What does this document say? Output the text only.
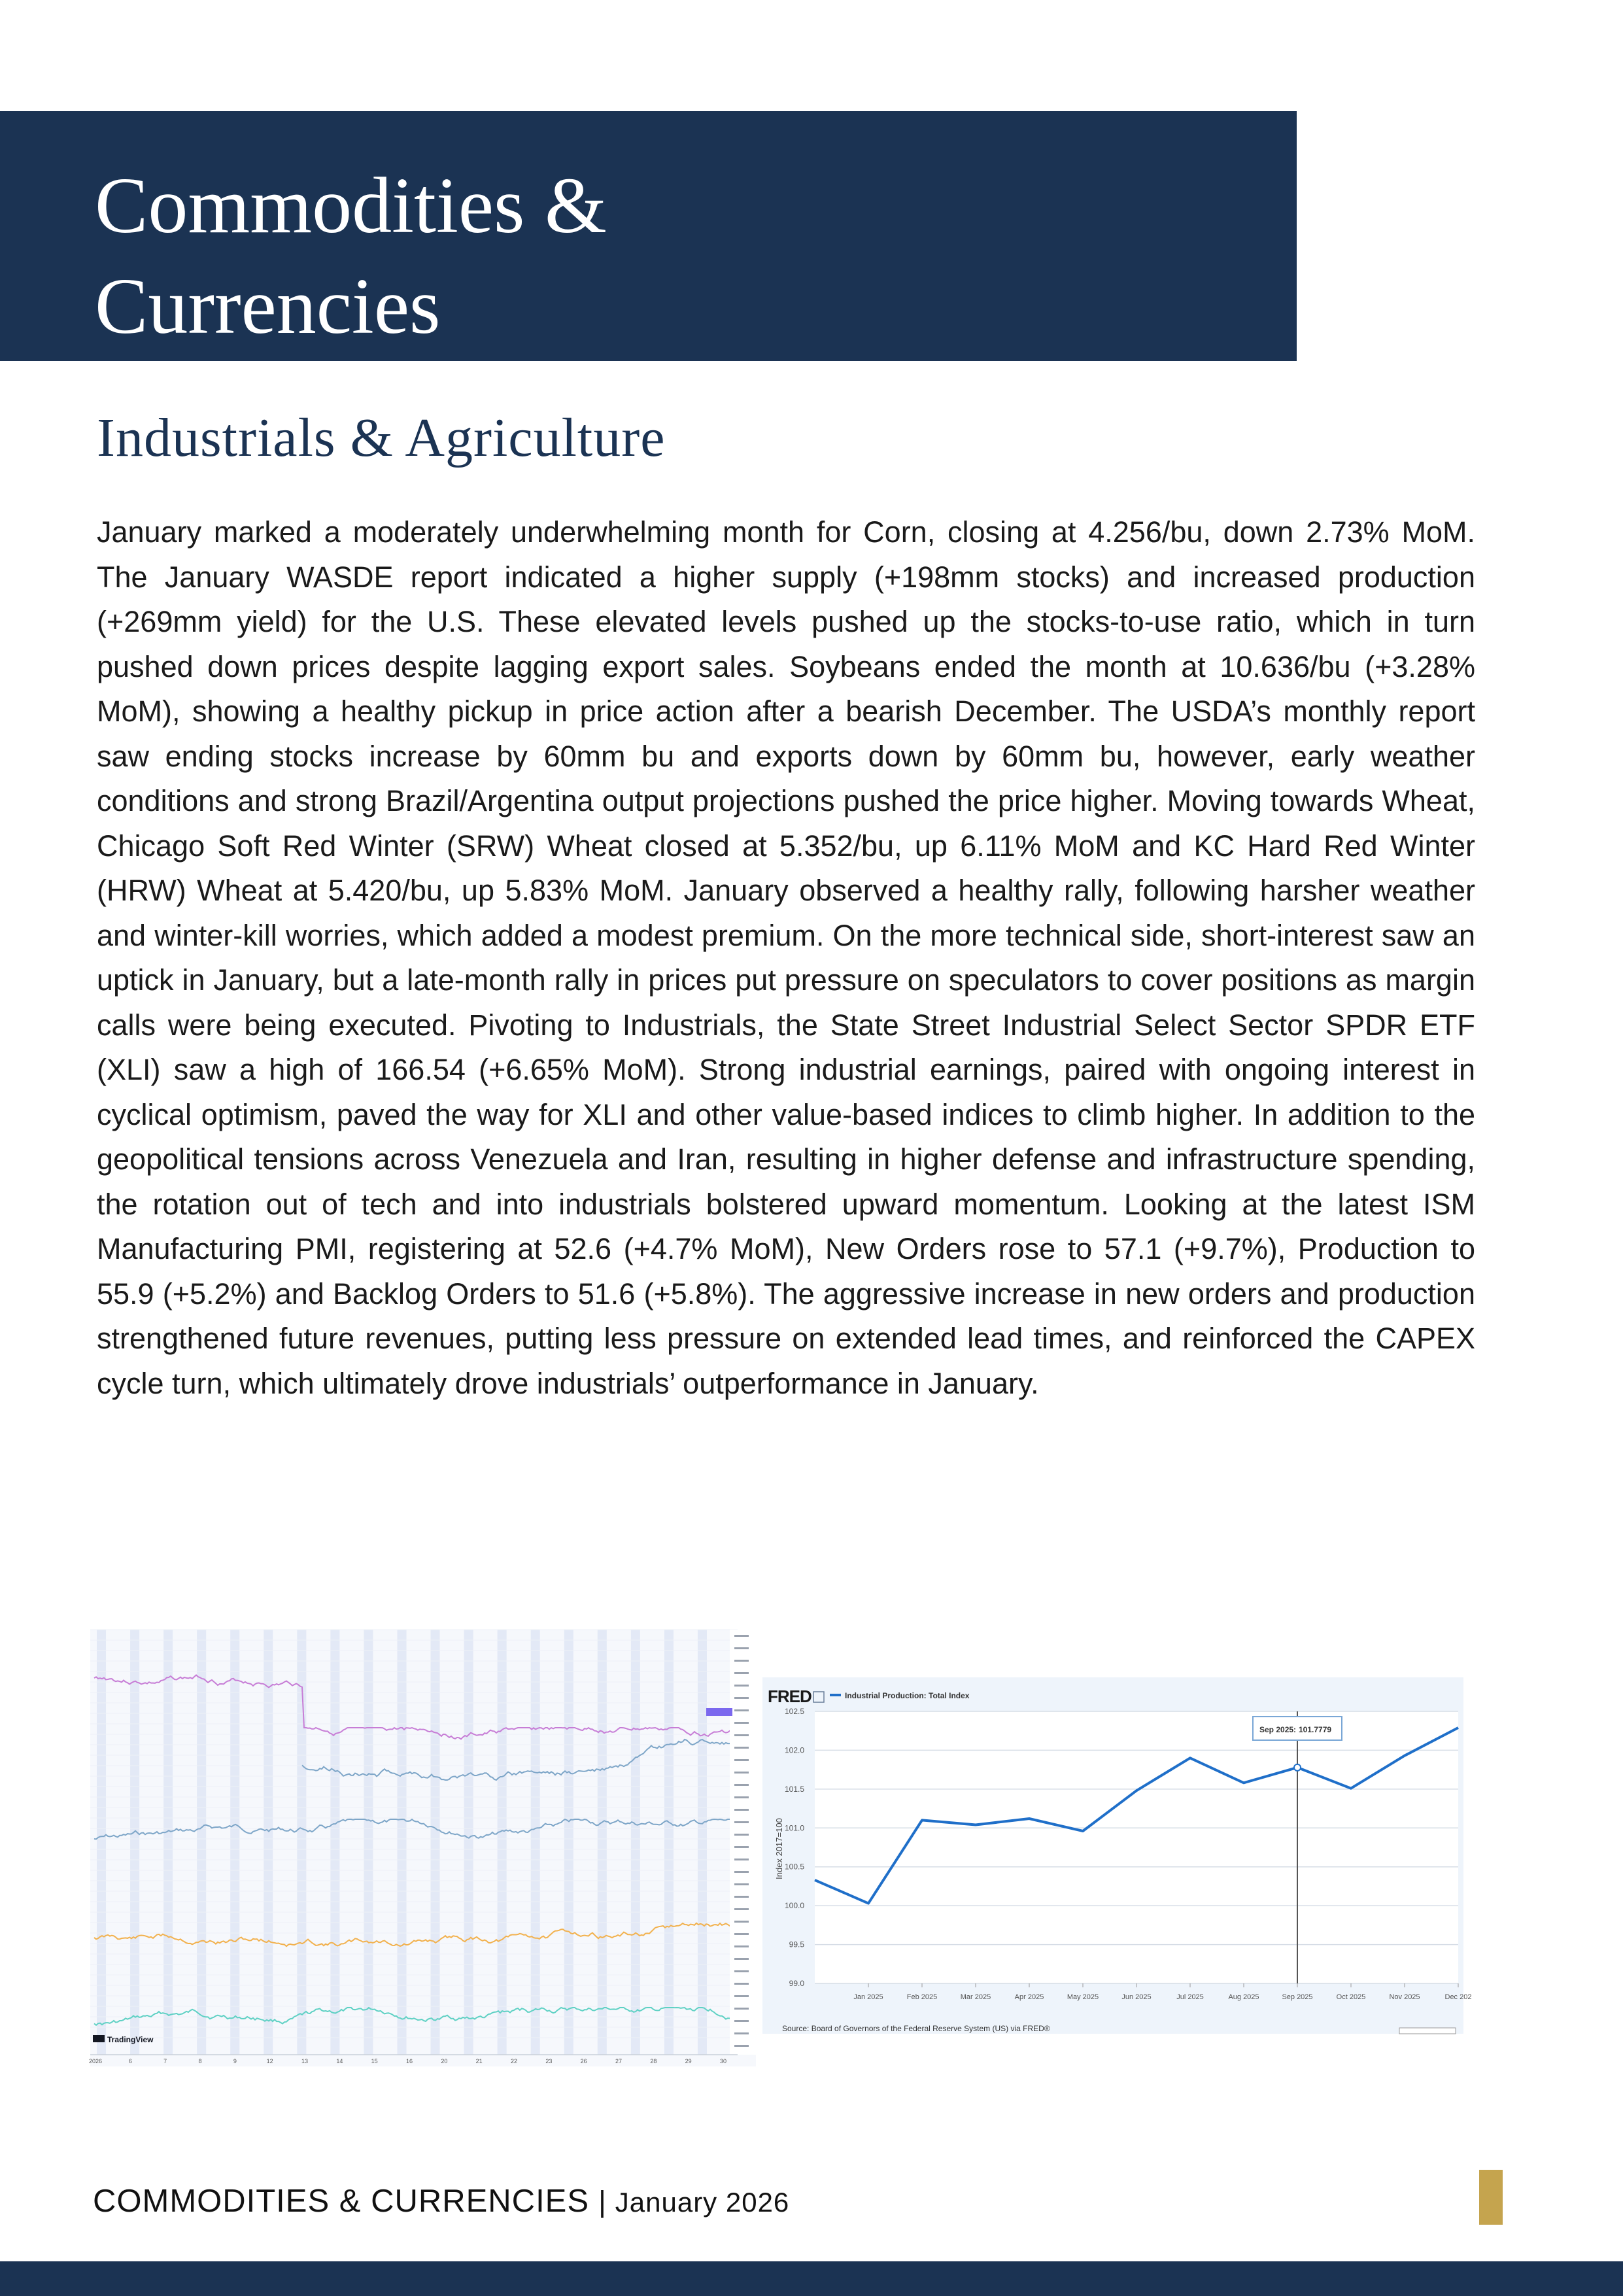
Commodities &
Currencies
Industrials & Agriculture

January marked a moderately underwhelming month for Corn, closing at 4.256/bu, down 2.73% MoM. The January WASDE report indicated a higher supply (+198mm stocks) and increased production (+269mm yield) for the U.S. These elevated levels pushed up the stocks-to-use ratio, which in turn pushed down prices despite lagging export sales. Soybeans ended the month at 10.636/bu (+3.28% MoM), showing a healthy pickup in price action after a bearish December. The USDA’s monthly report saw ending stocks increase by 60mm bu and exports down by 60mm bu, however, early weather conditions and strong Brazil/Argentina output projections pushed the price higher. Moving towards Wheat, Chicago Soft Red Winter (SRW) Wheat closed at 5.352/bu, up 6.11% MoM and KC Hard Red Winter (HRW) Wheat at 5.420/bu, up 5.83% MoM. January observed a healthy rally, following harsher weather and winter-kill worries, which added a modest premium. On the more technical side, short-interest saw an uptick in January, but a late-month rally in prices put pressure on speculators to cover positions as margin calls were being executed. Pivoting to Industrials, the State Street Industrial Select Sector SPDR ETF (XLI) saw a high of 166.54 (+6.65% MoM). Strong industrial earnings, paired with ongoing interest in cyclical optimism, paved the way for XLI and other value-based indices to climb higher. In addition to the geopolitical tensions across Venezuela and Iran, resulting in higher defense and infrastructure spending, the rotation out of tech and into industrials bolstered upward momentum. Looking at the latest ISM Manufacturing PMI, registering at 52.6 (+4.7% MoM), New Orders rose to 57.1 (+9.7%), Production to 55.9 (+5.2%) and Backlog Orders to 51.6 (+5.8%). The aggressive increase in new orders and production strengthened future revenues, putting less pressure on extended lead times, and reinforced the CAPEX cycle turn, which ultimately drove industrials’ outperformance in January.

2026	6	7	8	9	12	13	14	15	16	20	21	22	23	26	27	28	29	30
TradingView
FRED	Industrial Production: Total Index
Index 2017=100
102.5
102.0
101.5
101.0
100.5
100.0
99.5
99.0
Jan 2025	Feb 2025	Mar 2025	Apr 2025	May 2025	Jun 2025	Jul 2025	Aug 2025	Sep 2025	Oct 2025	Nov 2025	Dec 202
Sep 2025: 101.7779
Source: Board of Governors of the Federal Reserve System (US) via FRED®
COMMODITIES & CURRENCIES | January 2026
